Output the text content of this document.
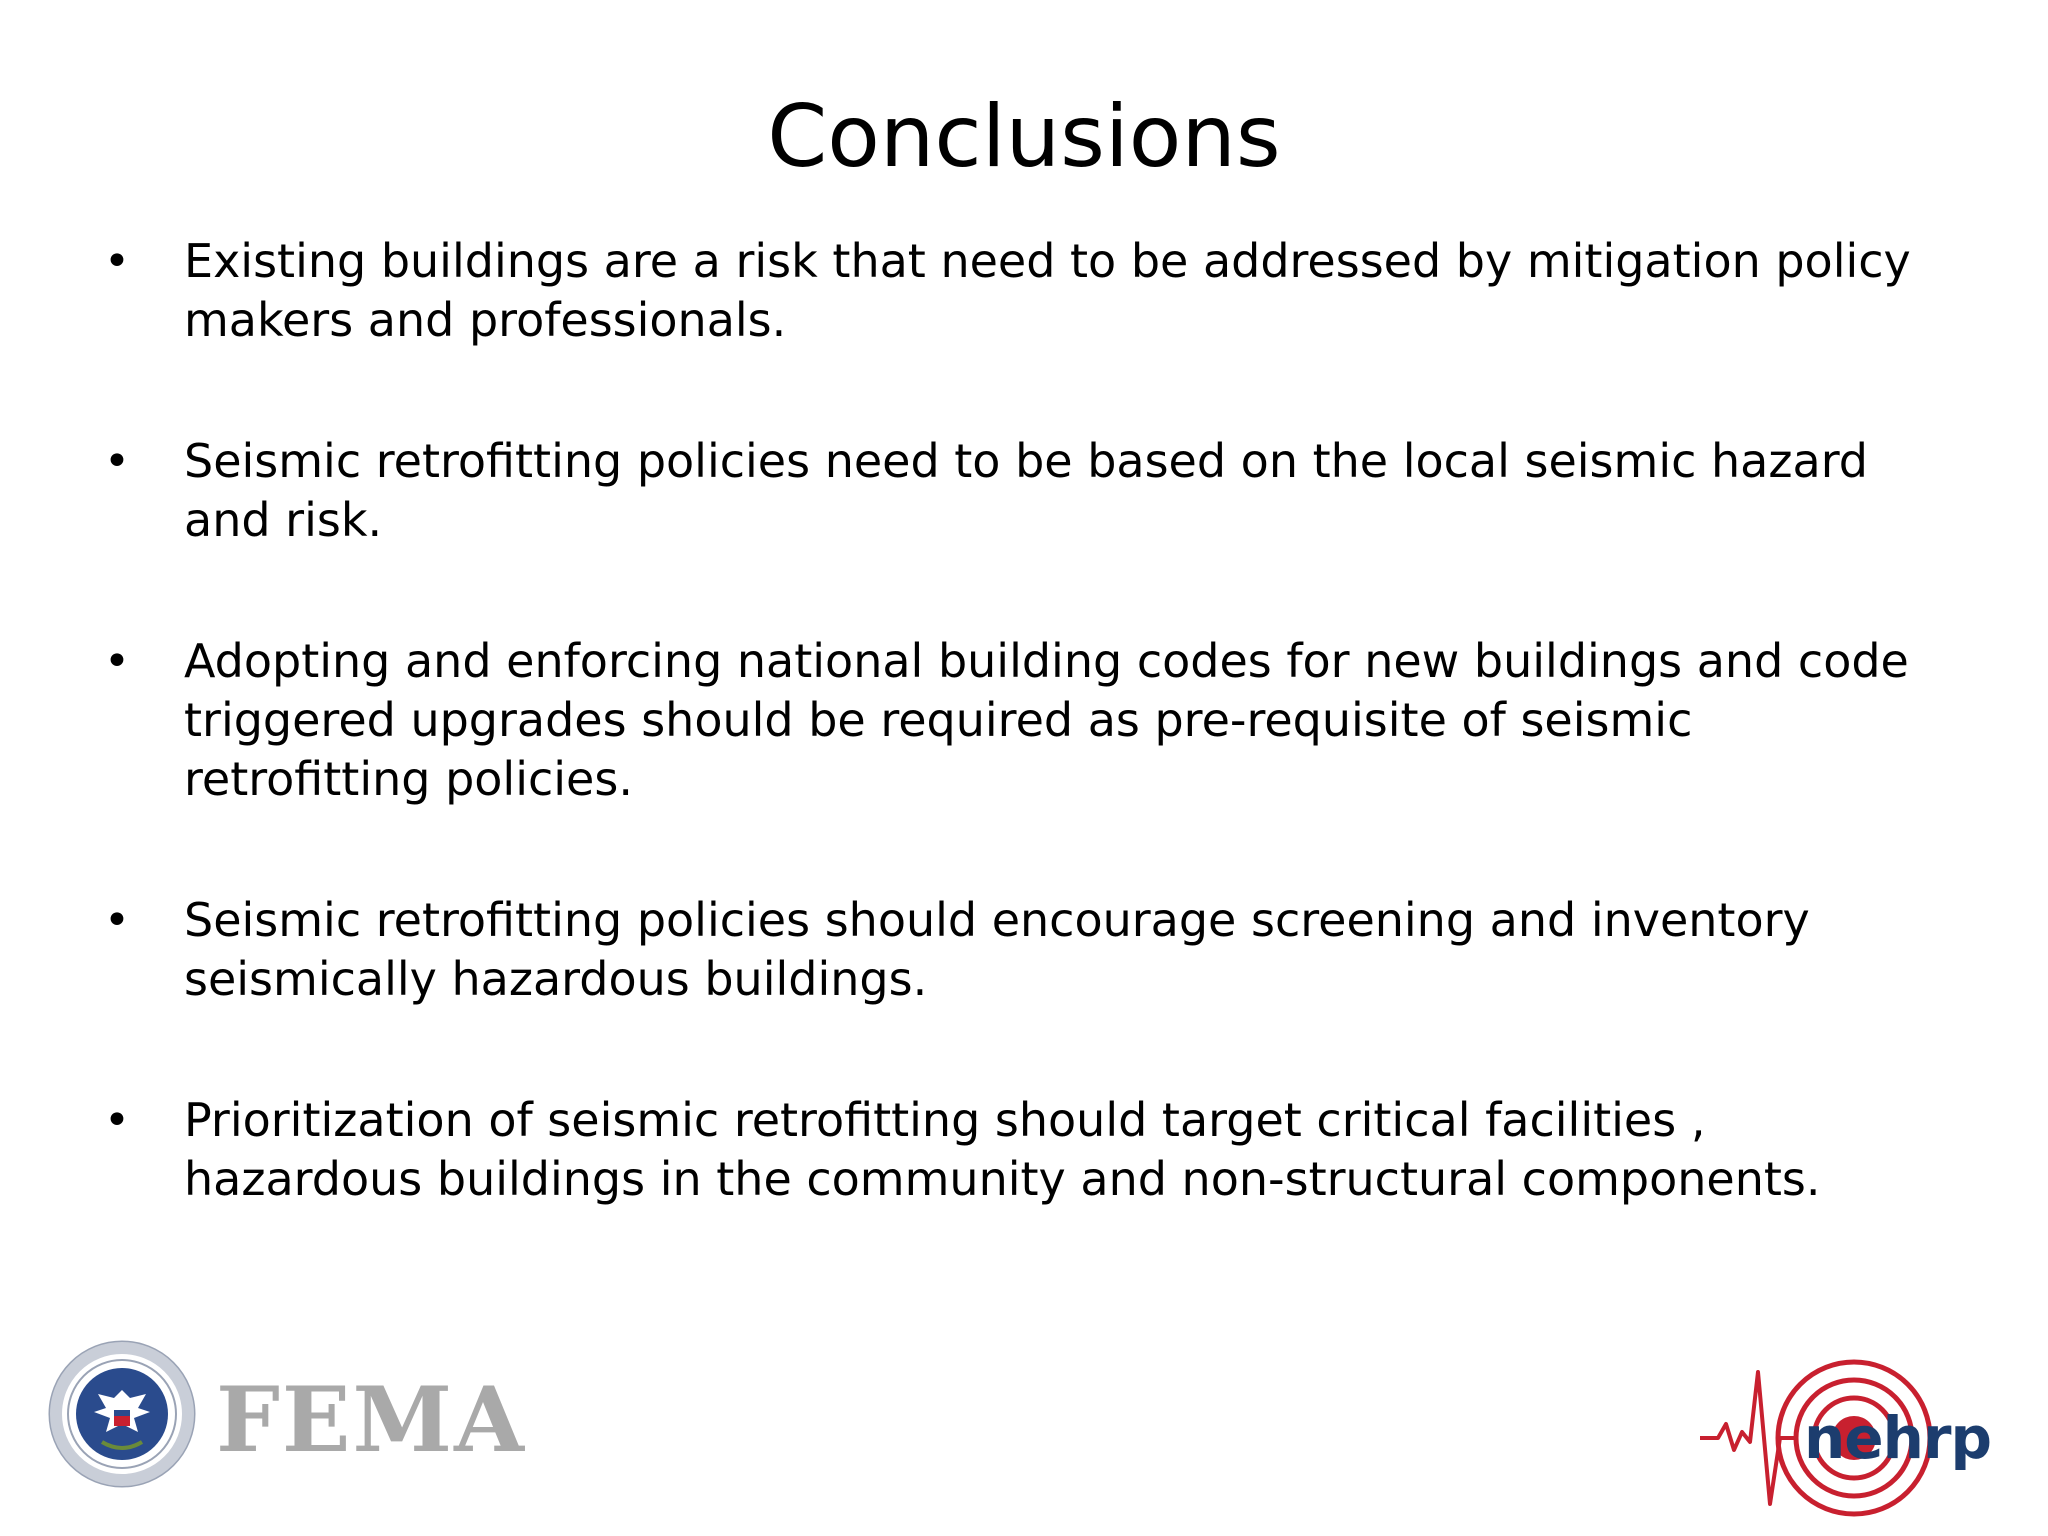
Conclusions
• Existing buildings are a risk that need to be addressed by mitigation policy makers and professionals.
• Seismic retrofitting policies need to be based on the local seismic hazard and risk.
• Adopting and enforcing national building codes for new buildings and code triggered upgrades should be required as pre-requisite of seismic retrofitting policies.
• Seismic retrofitting policies should encourage screening and inventory seismically hazardous buildings.
• Prioritization of seismic retrofitting should target critical facilities , hazardous buildings in the community and non-structural components.
FEMA	nehrp
